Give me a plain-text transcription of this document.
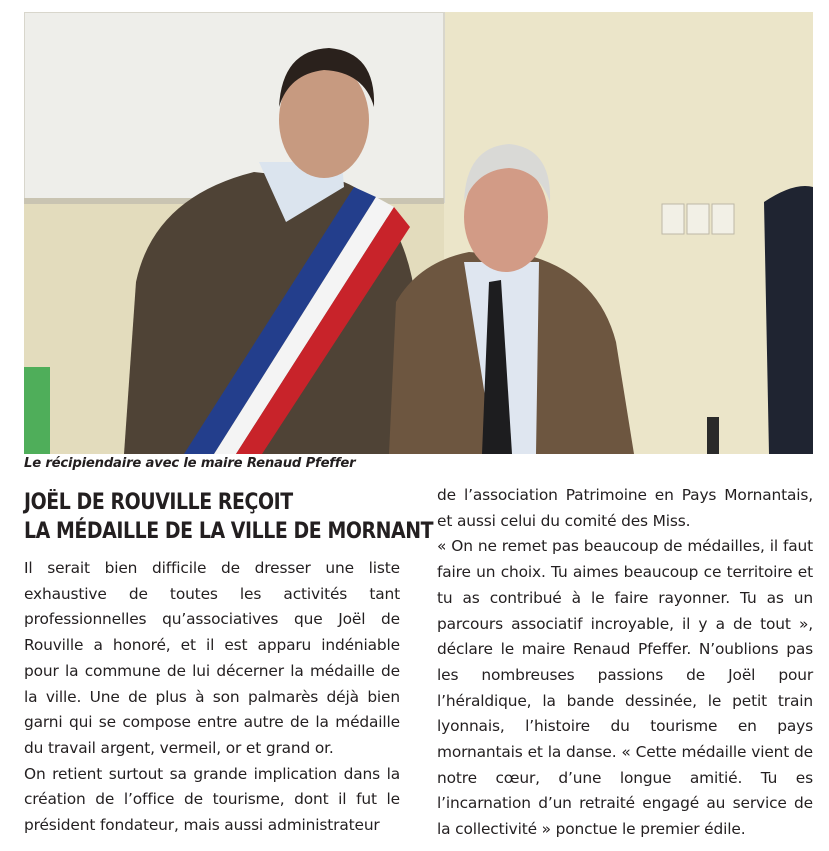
Le récipiendaire avec le maire Renaud Pfeffer
JOËL DE ROUVILLE REÇOIT
LA MÉDAILLE DE LA VILLE DE MORNANT

Il serait bien difficile de dresser une liste exhaustive de toutes les activités tant professionnelles qu’associatives que Joël de Rouville a honoré, et il est apparu indéniable pour la commune de lui décerner la médaille de la ville. Une de plus à son palmarès déjà bien garni qui se compose entre autre de la médaille du travail argent, vermeil, or et grand or.

On retient surtout sa grande implication dans la création de l’office de tourisme, dont il fut le président fondateur, mais aussi administrateur

de l’association Patrimoine en Pays Mornantais, et aussi celui du comité des Miss.

« On ne remet pas beaucoup de médailles, il faut faire un choix. Tu aimes beaucoup ce territoire et tu as contribué à le faire rayonner. Tu as un parcours associatif incroyable, il y a de tout », déclare le maire Renaud Pfeffer. N’oublions pas les nombreuses passions de Joël pour l’héraldique, la bande dessinée, le petit train lyonnais, l’histoire du tourisme en pays mornantais et la danse. « Cette médaille vient de notre cœur, d’une longue amitié. Tu es l’incarnation d’un retraité engagé au service de la collectivité » ponctue le premier édile.
